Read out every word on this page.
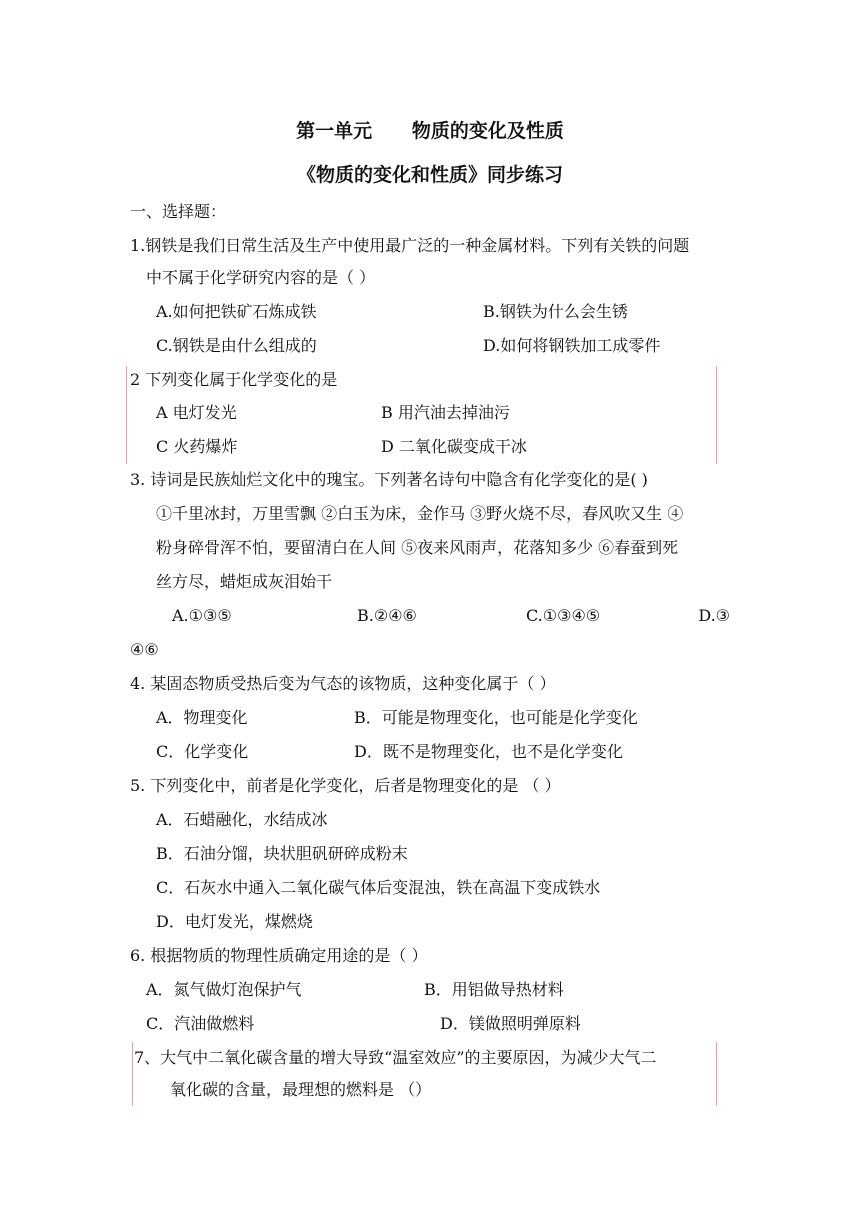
第一单元      物质的变化及性质
《物质的变化和性质》同步练习
一、选择题：
1.钢铁是我们日常生活及生产中使用最广泛的一种金属材料。下列有关铁的问题
中不属于化学研究内容的是（ ）
A.如何把铁矿石炼成铁	B.钢铁为什么会生锈
C.钢铁是由什么组成的	D.如何将钢铁加工成零件
2 下列变化属于化学变化的是
A 电灯发光	B 用汽油去掉油污
C 火药爆炸	D 二氧化碳变成干冰
3. 诗词是民族灿烂文化中的瑰宝。下列著名诗句中隐含有化学变化的是( )
①千里冰封，万里雪飘 ②白玉为床，金作马 ③野火烧不尽，春风吹又生 ④
粉身碎骨浑不怕，要留清白在人间 ⑤夜来风雨声，花落知多少 ⑥春蚕到死
丝方尽，蜡炬成灰泪始干
A.①③⑤	B.②④⑥	C.①③④⑤	D.③
④⑥
4. 某固态物质受热后变为气态的该物质，这种变化属于（ ）
A．物理变化	B．可能是物理变化，也可能是化学变化
C．化学变化	D．既不是物理变化，也不是化学变化
5. 下列变化中，前者是化学变化，后者是物理变化的是 （ ）
A．石蜡融化，水结成冰
B．石油分馏，块状胆矾研碎成粉末
C．石灰水中通入二氧化碳气体后变混浊，铁在高温下变成铁水
D．电灯发光，煤燃烧
6. 根据物质的物理性质确定用途的是（ ）
A．氮气做灯泡保护气	B．用铝做导热材料
C．汽油做燃料	D．镁做照明弹原料
7、大气中二氧化碳含量的增大导致“温室效应”的主要原因，为减少大气二
氧化碳的含量，最理想的燃料是 （）
